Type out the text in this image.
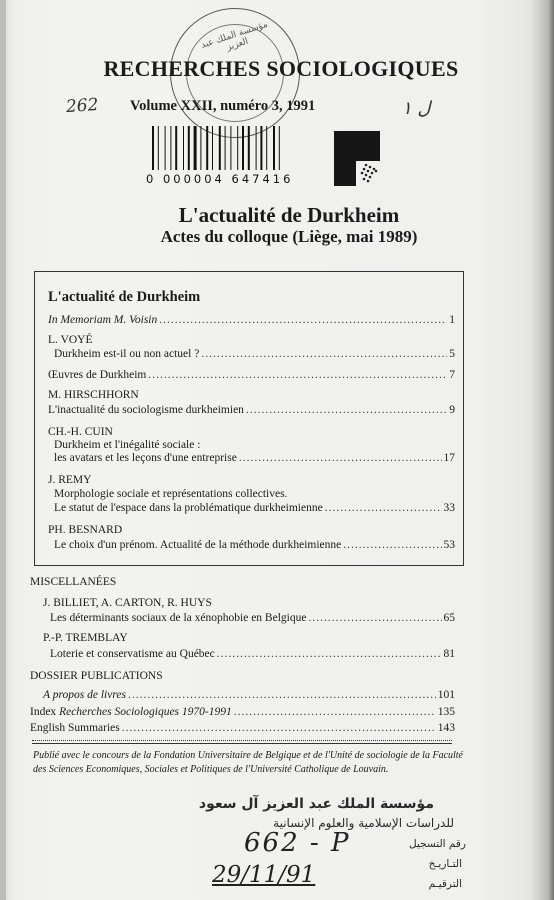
مؤسسة الملك عبد العزيز
RECHERCHES SOCIOLOGIQUES
262 Volume XXII, numéro 3, 1991	ل ١
0 000004 647416
L'actualité de Durkheim
Actes du colloque (Liège, mai 1989)
L'actualité de Durkheim
In Memoriam M. Voisin .....	1
L. VOYÉ
Durkheim est-il ou non actuel ? .....	5
Œuvres de Durkheim .....	7
M. HIRSCHHORN
L'inactualité du sociologisme durkheimien .....	9
CH.-H. CUIN
Durkheim et l'inégalité sociale :
les avatars et les leçons d'une entreprise .....	17
J. REMY
Morphologie sociale et représentations collectives.
Le statut de l'espace dans la problématique durkheimienne .....	33
PH. BESNARD
Le choix d'un prénom. Actualité de la méthode durkheimienne .....	53
MISCELLANÉES
J. BILLIET, A. CARTON, R. HUYS
Les déterminants sociaux de la xénophobie en Belgique .....	65
P.-P. TREMBLAY
Loterie et conservatisme au Québec .....	81
DOSSIER PUBLICATIONS
A propos de livres .....	101
Index Recherches Sociologiques 1970-1991 .....	135
English Summaries .....	143
Publié avec le concours de la Fondation Universitaire de Belgique et de l'Unité de sociologie de la Faculté des Sciences Economiques, Sociales et Politiques de l'Université Catholique de Louvain.
مؤسسة الملك عبد العزيز آل سعود
للدراسات الإسلامية والعلوم الإنسانية
رقم التسجيل
التـاريـخ
الترقيـم
662 - P
29/11/91
